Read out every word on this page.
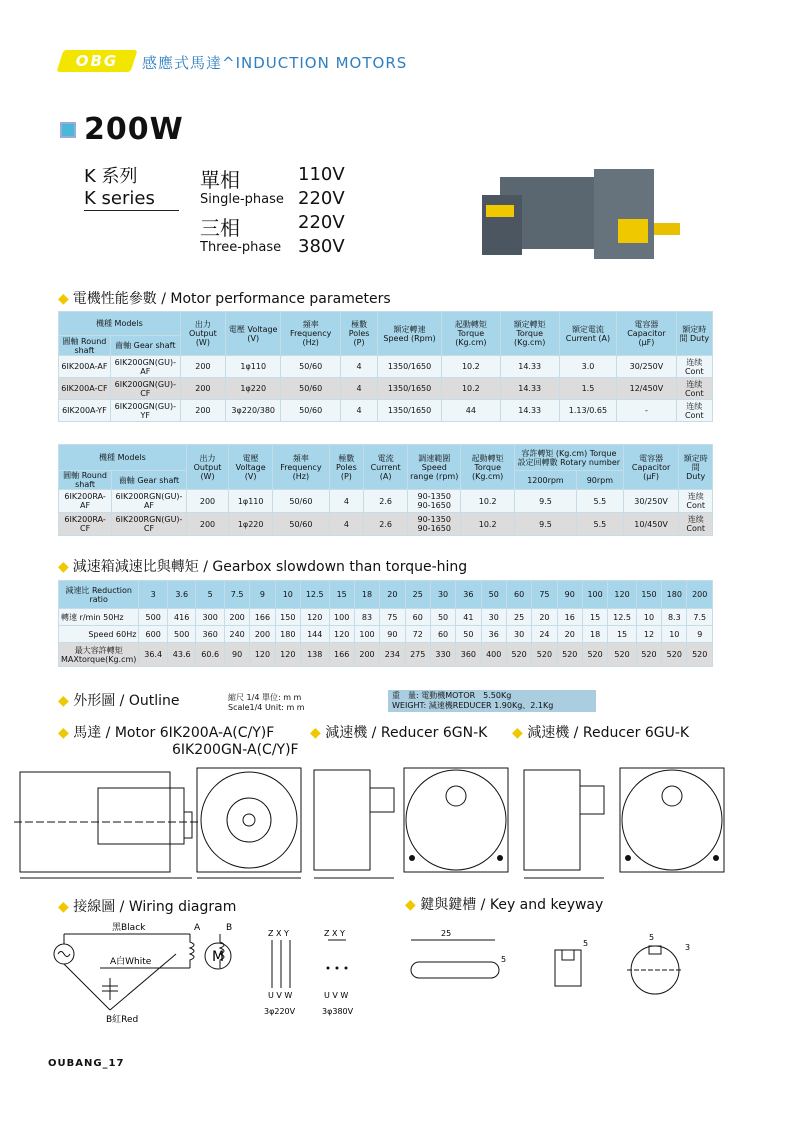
OBG	感應式馬達^INDUCTION MOTORS
200W
K 系列
K series
單相	110V
Single-phase 220V
三相	220V
Three-phase 380V
◆ 電機性能參數 / Motor performance parameters
機種 Models		出力 Output (W)	電壓 Voltage (V)	頻率 Frequency (Hz)	極數 Poles (P)	額定轉速 Speed (Rpm)	起動轉矩 Torque (Kg.cm)	額定轉矩 Torque (Kg.cm)	額定電流 Current (A)	電容器 Capacitor (μF)	額定時間 Duty
圓軸 Round shaft	齒軸 Gear shaft										
6IK200A-AF	6IK200GN(GU)-AF	200	1φ110	50/60	4	1350/1650	10.2	14.33	3.0	30/250V	连续 Cont
6IK200A-CF	6IK200GN(GU)-CF	200	1φ220	50/60	4	1350/1650	10.2	14.33	1.5	12/450V	连续 Cont
6IK200A-YF	6IK200GN(GU)-YF	200	3φ220/380	50/60	4	1350/1650	44	14.33	1.13/0.65	-	连续 Cont
機種 Models		出力 Output (W)	電壓 Voltage (V)	頻率 Frequency (Hz)	極數 Poles (P)	電流 Current (A)	調速範圍 Speed range (rpm)	起動轉矩 Torque (Kg.cm)	容許轉矩 (Kg.cm) Torque 設定回轉數 Rotary number		電容器 Capacitor (μF)	額定時間 Duty
圓軸 Round shaft	齒軸 Gear shaft								1200rpm	90rpm		
6IK200RA-AF	6IK200RGN(GU)-AF	200	1φ110	50/60	4	2.6	90-1350 90-1650	10.2	9.5	5.5	30/250V	连续 Cont
6IK200RA-CF	6IK200RGN(GU)-CF	200	1φ220	50/60	4	2.6	90-1350 90-1650	10.2	9.5	5.5	10/450V	连续 Cont
◆ 減速箱減速比與轉矩 / Gearbox slowdown than torque-hing
減速比 Reduction ratio	3	3.6	5	7.5	9	10	12.5	15	18	20	25	30	36	50	60	75	90	100	120	150	180	200
轉速 r/min 50Hz	500	416	300	200	166	150	120	100	83	75	60	50	41	30	25	20	16	15	12.5	10	8.3	7.5
Speed 60Hz	600	500	360	240	200	180	144	120	100	90	72	60	50	36	30	24	20	18	15	12	10	9
最大容許轉矩 MAXtorque(Kg.cm)	36.4	43.6	60.6	90	120	120	138	166	200	234	275	330	360	400	520	520	520	520	520	520	520	520
◆ 外形圖 / Outline	縮尺 1/4 單位: m m
Scale1/4 Unit: m m
重　量: 電動機MOTOR　5.50Kg
WEIGHT: 減速機REDUCER 1.90Kg、2.1Kg
◆ 馬達 / Motor 6IK200A-A(C/Y)F
6IK200GN-A(C/Y)F
◆ 減速機 / Reducer 6GN-K ◆ 減速機 / Reducer 6GU-K
◆ 接線圖 / Wiring diagram	◆ 鍵與鍵槽 / Key and keyway
黑Black
A白White
B紅Red
A	B
M
Z X Y
U V W
3φ220V
Z X Y
U V W
3φ380V
25
5
5
5
3
OUBANG_17
